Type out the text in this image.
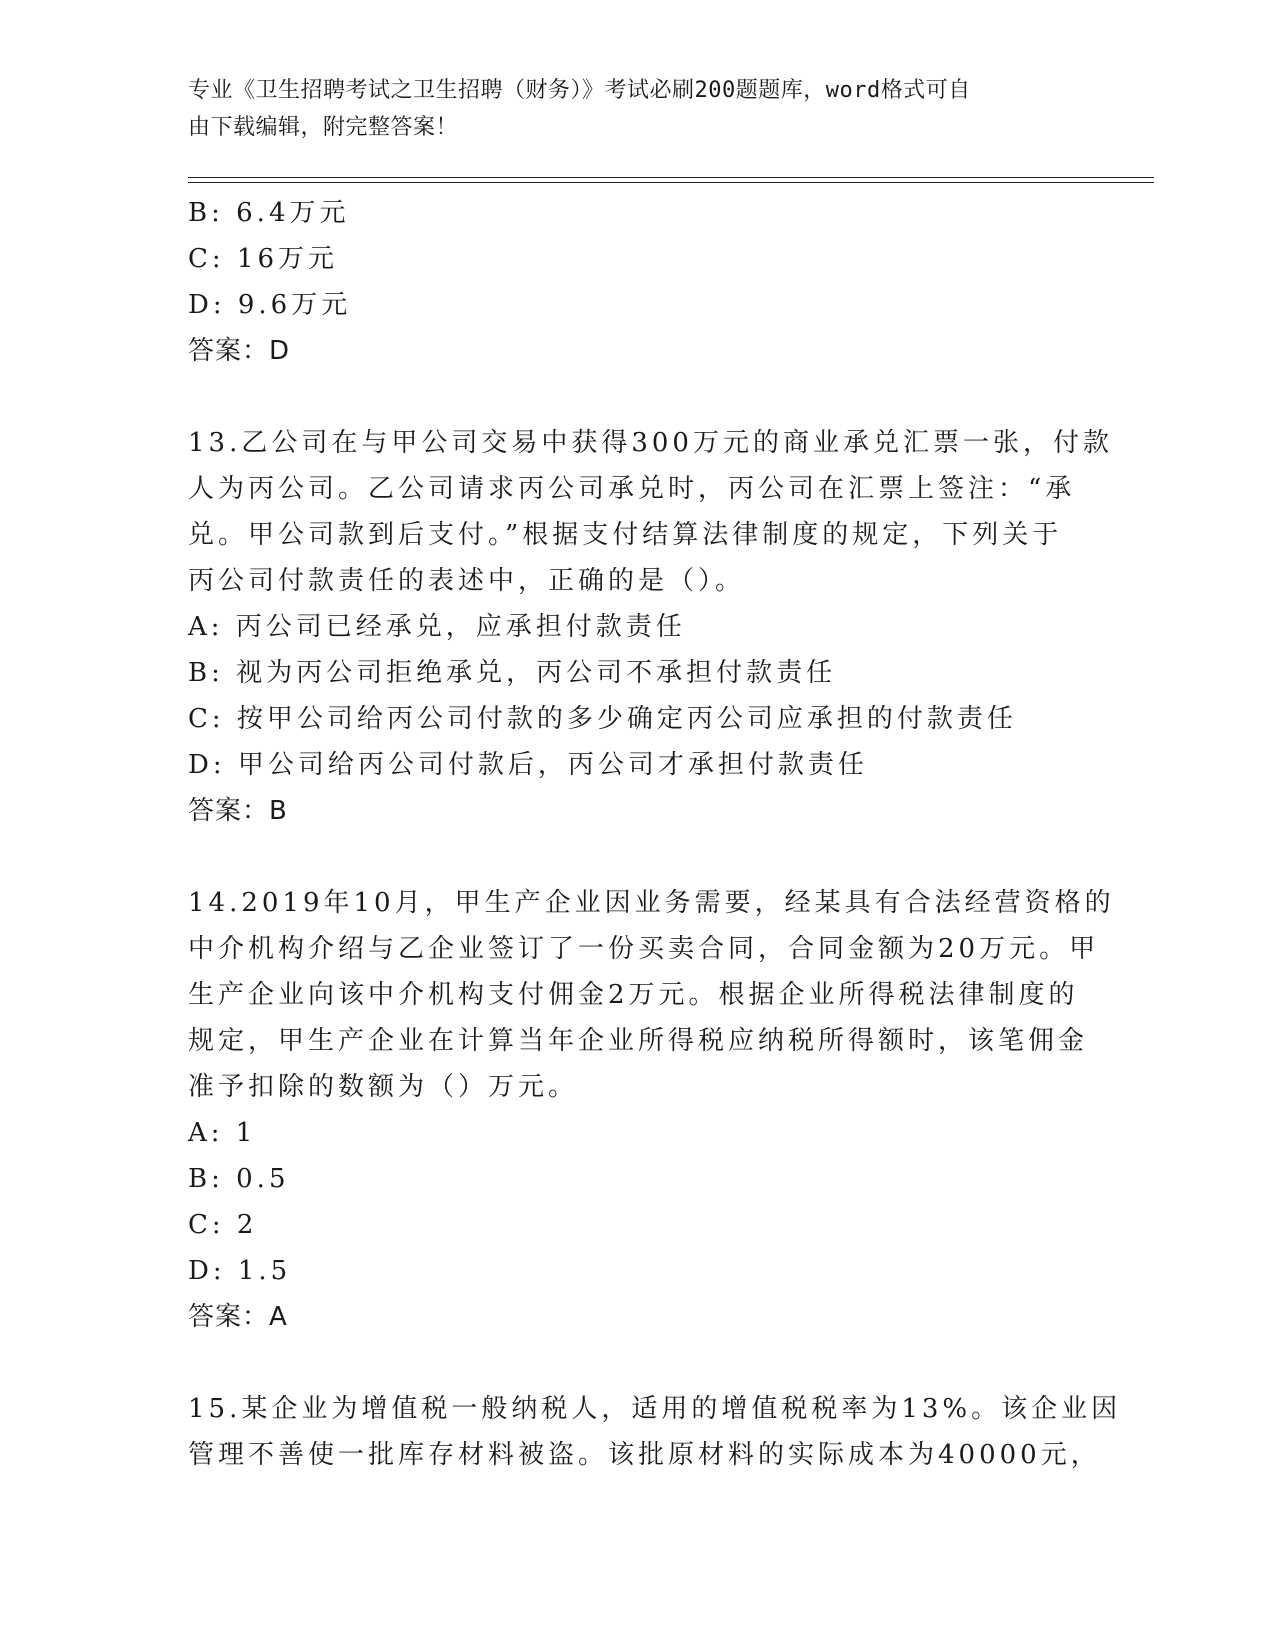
专业《卫生招聘考试之卫生招聘（财务）》考试必刷200题题库，word格式可自
由下载编辑，附完整答案！
B: 6.4万元
C: 16万元
D: 9.6万元
答案：D
13.乙公司在与甲公司交易中获得300万元的商业承兑汇票一张，付款
人为丙公司。乙公司请求丙公司承兑时，丙公司在汇票上签注：“承
兑。甲公司款到后支付。”根据支付结算法律制度的规定，下列关于
丙公司付款责任的表述中，正确的是（）。
A: 丙公司已经承兑，应承担付款责任
B: 视为丙公司拒绝承兑，丙公司不承担付款责任
C: 按甲公司给丙公司付款的多少确定丙公司应承担的付款责任
D: 甲公司给丙公司付款后，丙公司才承担付款责任
答案：B
14.2019年10月，甲生产企业因业务需要，经某具有合法经营资格的
中介机构介绍与乙企业签订了一份买卖合同，合同金额为20万元。甲
生产企业向该中介机构支付佣金2万元。根据企业所得税法律制度的
规定，甲生产企业在计算当年企业所得税应纳税所得额时，该笔佣金
准予扣除的数额为（）万元。
A: 1
B: 0.5
C: 2
D: 1.5
答案：A
15.某企业为增值税一般纳税人，适用的增值税税率为13%。该企业因
管理不善使一批库存材料被盗。该批原材料的实际成本为40000元，
